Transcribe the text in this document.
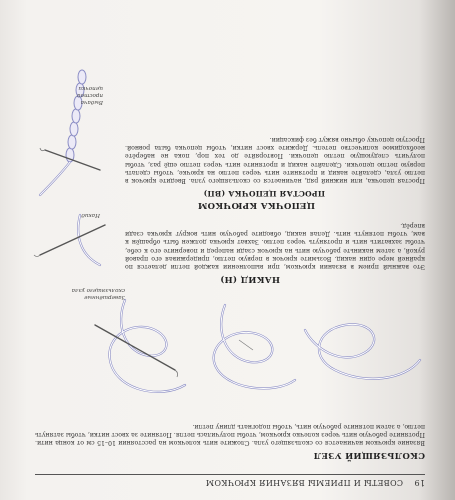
19
СОВЕТЫ И ПРИЕМЫ ВЯЗАНИЯ КРЮЧКОМ
СКОЛЬЗЯЩИЙ УЗЕЛ

Вязание крючком начинается со скользящего узла. Сложите нить колечком на расстоянии 10–15 см от конца нити. Протяните рабочую нить через колечко крючком, чтобы получилась петля. Потяните за хвост нитки, чтобы затянуть петлю, а затем потяните рабочую нить, чтобы подогнать длину петли.

Завершённые скользящего узла
НАКИД (Н)

Это важный прием в вязании крючком, при выполнении каждой петли делается по крайней мере один накид. Возьмите крючок в первую петлю, придерживая его правой рукой, а затем накиньте рабочую нить на крючок сзади наперед и поверните его к себе, чтобы захватить нить и протянуть через петлю. Захват крючка должен быть обращён к вам, чтобы потянуть нить. Делая накид, обводите рабочую нить вокруг крючка сзади вперёд.

Накид
ЦЕПОЧКА КРЮЧКОМ
ПРОСТАЯ ЦЕПОЧКА (ВП)

Простая цепочка, или нижний ряд, начинается со скользящего узла. Введите крючок в петлю узла, сделайте накид и протяните нить через петлю на крючке, чтобы сделать первую петлю цепочки. Сделайте накид и протяните нить через петлю ещё раз, чтобы получить следующую петлю цепочки. Повторяйте до тех пор, пока не наберёте необходимое количество петель. Держите хвост нитки, чтобы цепочка была ровной. Простую цепочку обычно вяжут без фиксации.

Выдача простой цепочки
